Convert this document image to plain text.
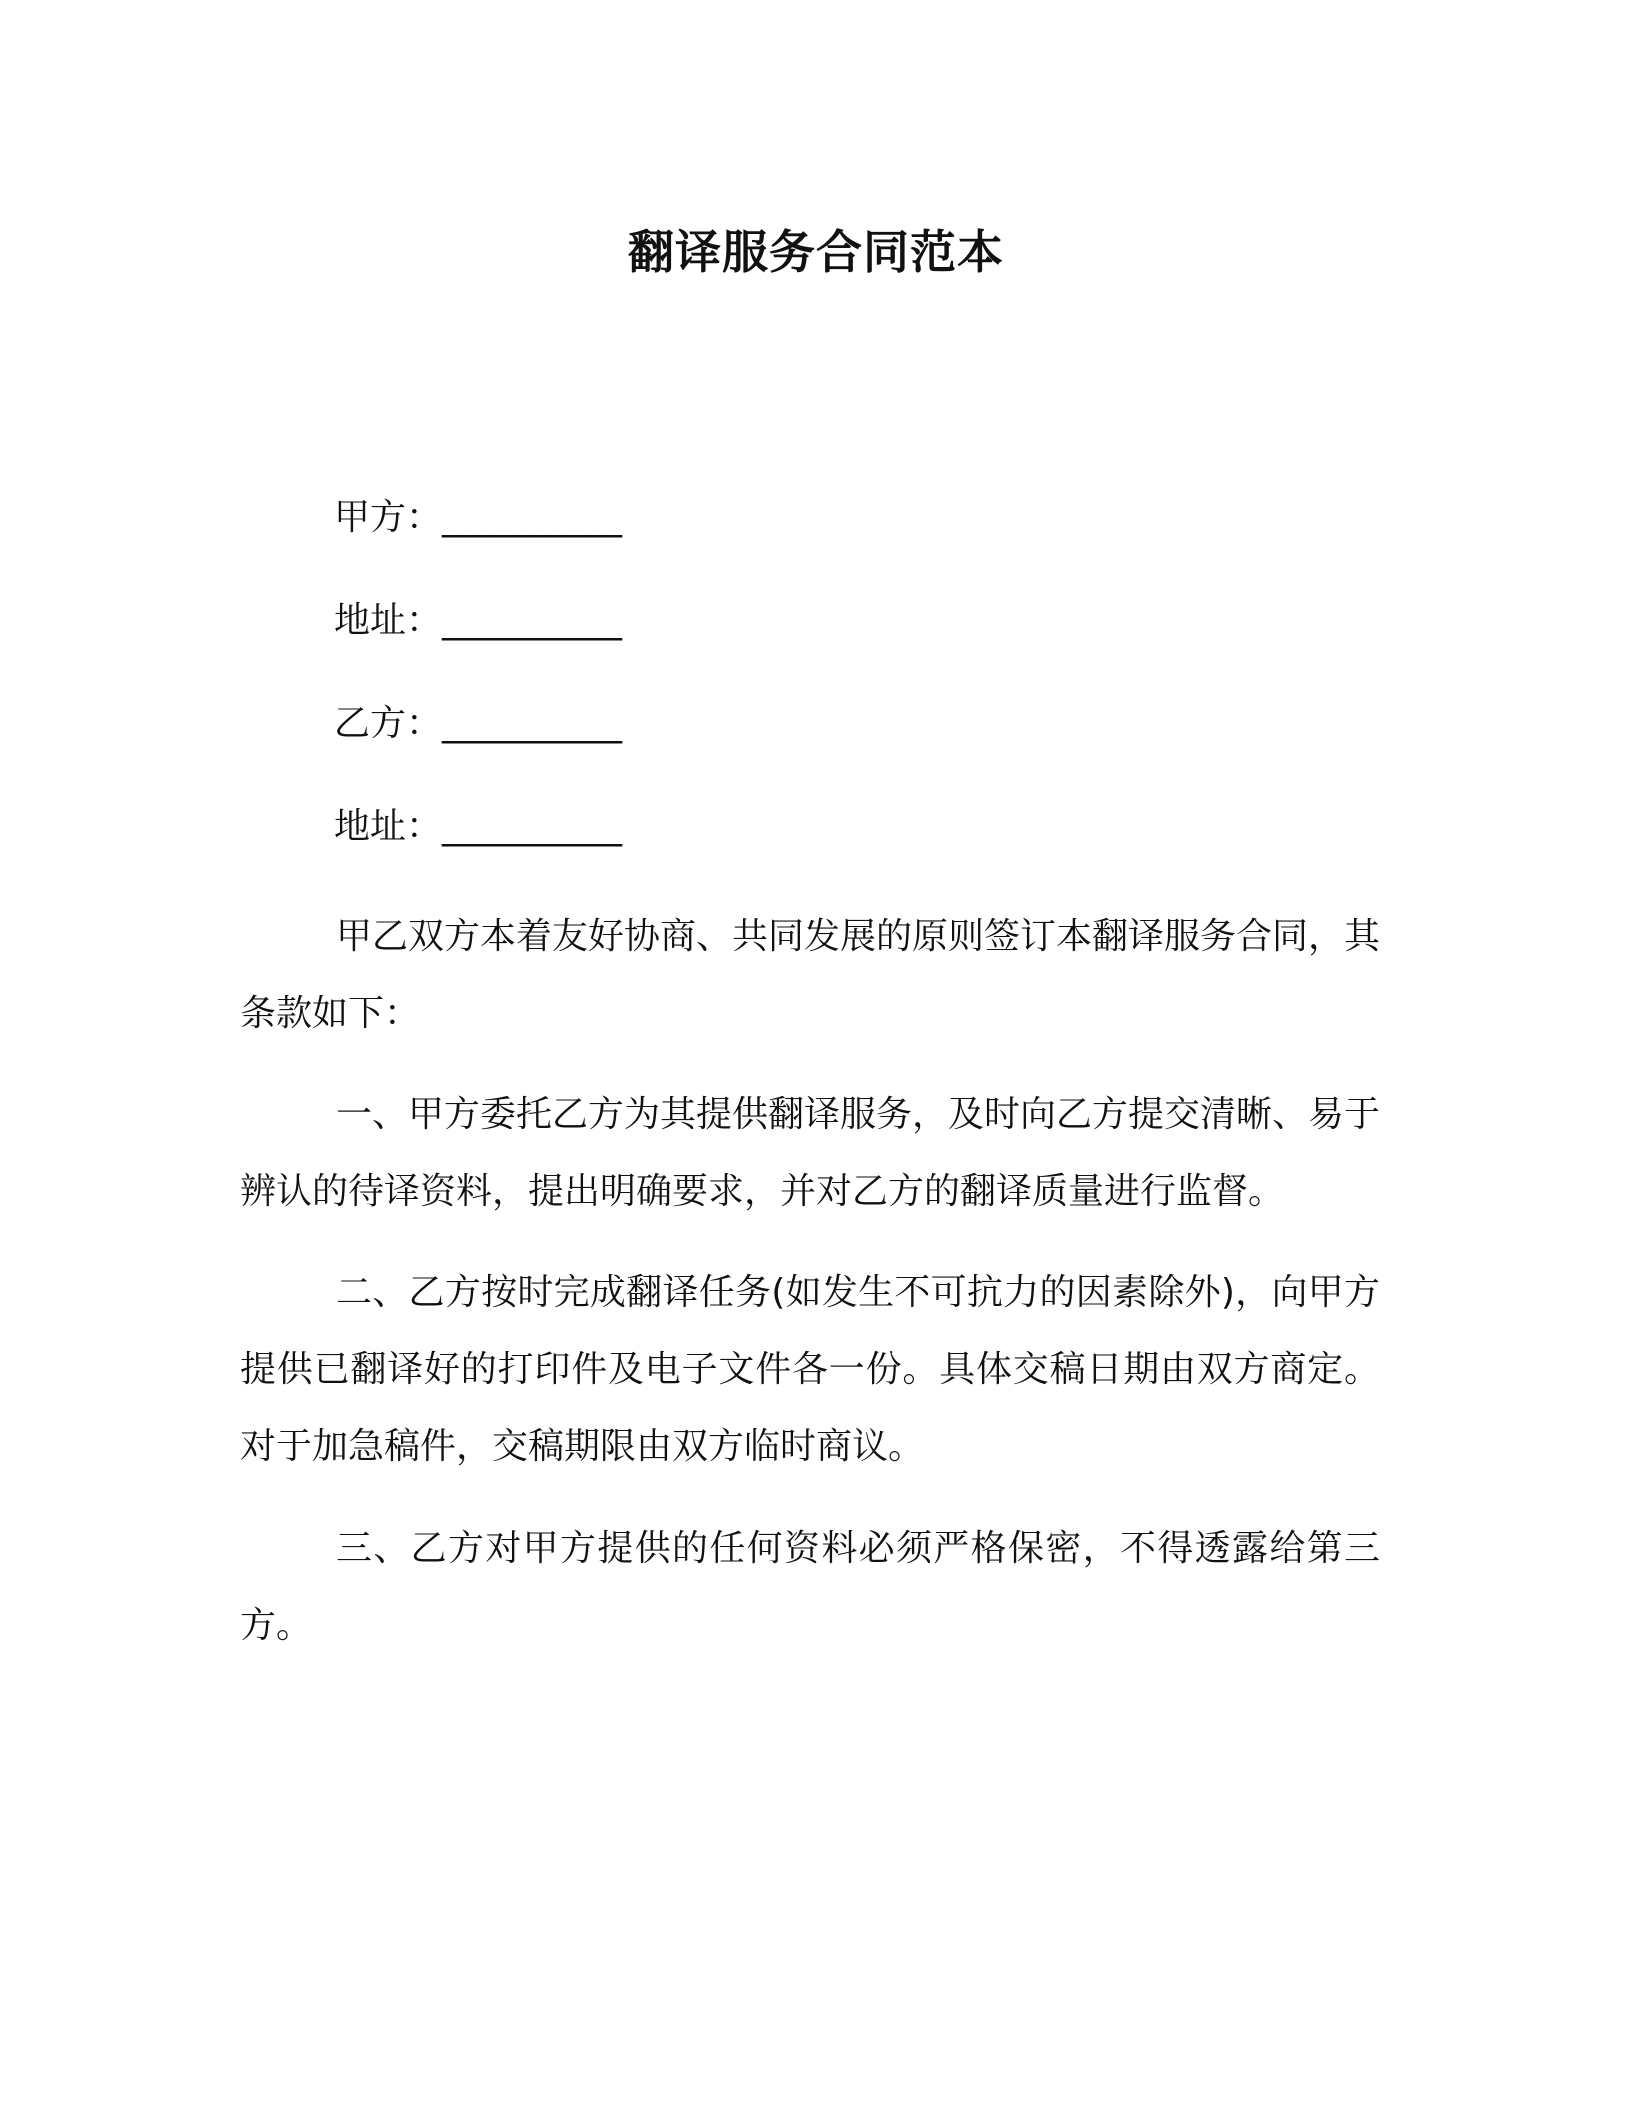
翻译服务合同范本
甲方：__________
地址：__________
乙方：__________
地址：__________

甲乙双方本着友好协商、共同发展的原则签订本翻译服务合同，其条款如下：

一、甲方委托乙方为其提供翻译服务，及时向乙方提交清晰、易于辨认的待译资料，提出明确要求，并对乙方的翻译质量进行监督。

二、乙方按时完成翻译任务(如发生不可抗力的因素除外)，向甲方提供已翻译好的打印件及电子文件各一份。具体交稿日期由双方商定。对于加急稿件，交稿期限由双方临时商议。

三、乙方对甲方提供的任何资料必须严格保密，不得透露给第三方。
